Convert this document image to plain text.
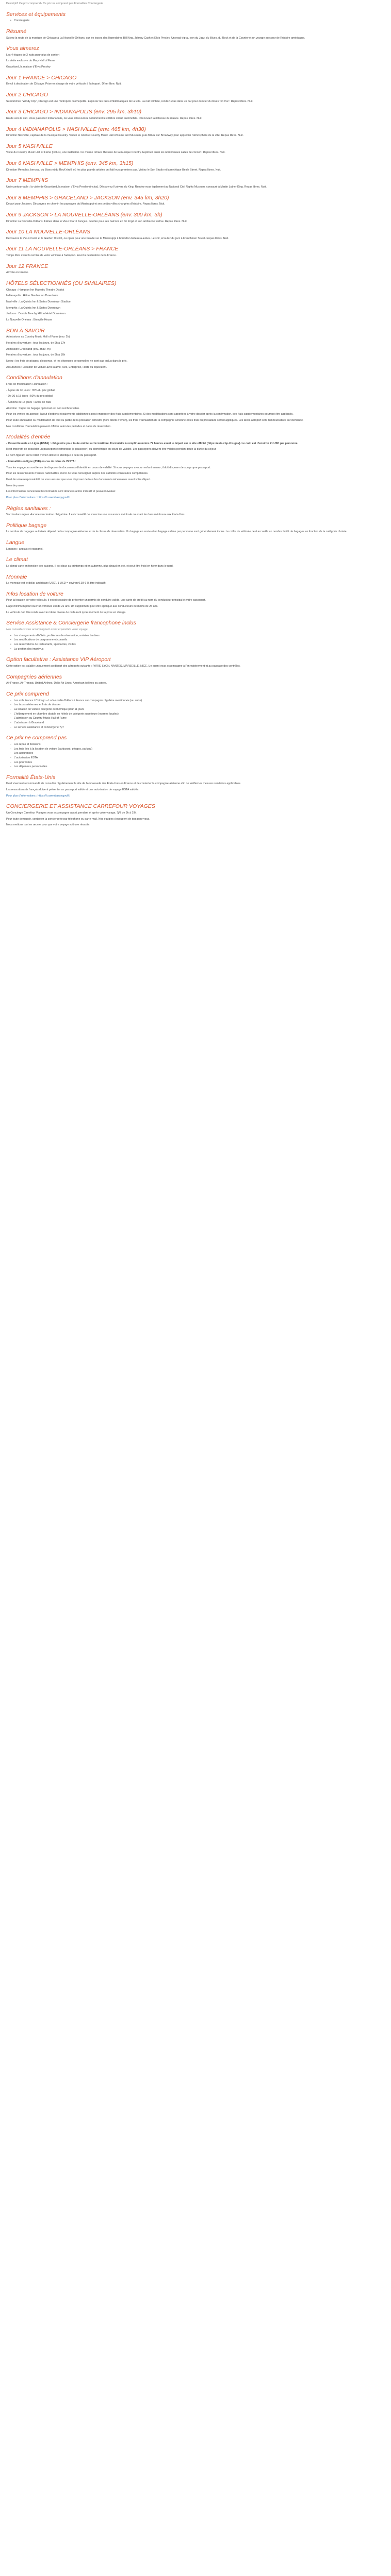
Descriptif: Ce prix comprend / Ce prix ne comprend pas Formalités Conciergerie
Services et équipements
• Conciergerie
Résumé

Suivez la route de la musique de Chicago à La Nouvelle-Orléans, sur les traces des légendaires Bill King, Johnny Cash et Elvis Presley. Un road trip au son du Jazz, du Blues, du Rock et de la Country et un voyage au cœur de l'histoire américaine.

Vous aimerez

Les 4 étapes de 2 nuits pour plus de confort

La visite exclusive du Mary Hall of Fame

Graceland, la maison d'Elvis Presley

Jour 1 FRANCE > CHICAGO

Envol à destination de Chicago. Prise en charge de votre véhicule à l'aéroport. Dîner libre. Nuit.

Jour 2 CHICAGO

Surnommée "Windy City", Chicago est une métropole cosmopolite. Explorez les rues emblématiques de la ville. La nuit tombée, rendez-vous dans un bar pour écouter du blues "en live". Repas libres. Nuit.

Jour 3 CHICAGO > INDIANAPOLIS (env. 295 km, 3h10)

Route vers le sud. Vous passerez Indianapolis, où vous découvrirez notamment le célèbre circuit automobile. Découvrez la richesse du musée. Repas libres. Nuit.

Jour 4 INDIANAPOLIS > NASHVILLE (env. 465 km, 4h30)

Direction Nashville, capitale de la musique Country. Visitez le célèbre Country Music Hall of Fame and Museum, puis flânez sur Broadway pour apprécier l'atmosphère de la ville. Repas libres. Nuit.

Jour 5 NASHVILLE

Visite du Country Music Hall of Fame (inclus), une institution. Ce musée retrace l'histoire de la musique Country. Explorez aussi les nombreuses salles de concert. Repas libres. Nuit.

Jour 6 NASHVILLE > MEMPHIS (env. 345 km, 3h15)

Direction Memphis, berceau du Blues et du Rock'n'roll, où les plus grands artistes ont fait leurs premiers pas. Visitez le Sun Studio et la mythique Beale Street. Repas libres. Nuit.

Jour 7 MEMPHIS

Un incontournable : la visite de Graceland, la maison d'Elvis Presley (inclus). Découvrez l'univers du King. Rendez-vous également au National Civil Rights Museum, consacré à Martin Luther King. Repas libres. Nuit.

Jour 8 MEMPHIS > GRACELAND > JACKSON (env. 345 km, 3h20)

Départ pour Jackson. Découvrez en chemin les paysages du Mississippi et ses petites villes chargées d'histoire. Repas libres. Nuit.

Jour 9 JACKSON > LA NOUVELLE-ORLÉANS (env. 300 km, 3h)

Direction La Nouvelle-Orléans. Flânez dans le Vieux Carré français, célèbre pour ses balcons en fer forgé et son ambiance festive. Repas libres. Nuit.

Jour 10 LA NOUVELLE-ORLÉANS

Découvrez le Vieux Carré et le Garden District, ou optez pour une balade sur le Mississippi à bord d'un bateau à aubes. Le soir, écoutez du jazz à Frenchmen Street. Repas libres. Nuit.

Jour 11 LA NOUVELLE-ORLÉANS > FRANCE

Temps libre avant la remise de votre véhicule à l'aéroport. Envol à destination de la France.

Jour 12 FRANCE

Arrivée en France.

HÔTELS SÉLECTIONNÉS (OU SIMILAIRES)

Chicago : Hampton Inn Majestic Theatre District

Indianapolis : Hilton Garden Inn Downtown

Nashville : La Quinta Inn & Suites Downtown Stadium

Memphis : La Quinta Inn & Suites Downtown

Jackson : Double Tree by Hilton Hotel Downtown

La Nouvelle-Orléans : Bienville House

BON À SAVOIR

Admissions au Country Music Hall of Fame (env. 2h)

Horaires d'ouverture : tous les jours, de 9h à 17h

Admission Graceland (env. 3h30-4h)

Horaires d'ouverture : tous les jours, de 9h à 16h

Notez : les frais de péages, d'essence, et les dépenses personnelles ne sont pas inclus dans le prix.

Assurances : Location de voiture avec Alamo, Avis, Enterprise, Hertz ou équivalent.

Conditions d'annulation

Frais de modification / annulation :

- À plus de 30 jours : 35% du prix global

- De 30 à 15 jours : 50% du prix global

- À moins de 15 jours : 100% de frais

Attention : l'ajout de bagage optionnel est non remboursable.

Pour les ventes en agence, l'ajout d'options et paiements additionnels peut engendrer des frais supplémentaires. Si des modifications sont apportées à votre dossier après la confirmation, des frais supplémentaires pourront être appliqués.

Pour toute annulation ou modification de tout ou partie de la prestation terrestre (hors billets d'avion), les frais d'annulation de la compagnie aérienne et les frais du prestataire seront appliqués. Les taxes aéroport sont remboursables sur demande.

Nos conditions d'annulation peuvent différer selon les périodes et dates de réservation.

Modalités d'entrée

- Ressortissants en Ligne (ESTA) : obligatoire pour toute entrée sur le territoire. Formulaire à remplir au moins 72 heures avant le départ sur le site officiel (https://esta.cbp.dhs.gov). Le coût est d'environ 21 USD par personne.

Il est impératif de posséder un passeport électronique (e-passeport) ou biométrique en cours de validité. Les passeports doivent être valides pendant toute la durée du séjour.

Le nom figurant sur le billet d'avion doit être identique à celui du passeport.

- Formalités en ligne (AVE) en cas de refus de l'ESTA :

Tous les voyageurs sont tenus de disposer de documents d'identité en cours de validité. Si vous voyagez avec un enfant mineur, il doit disposer de son propre passeport.

Pour les ressortissants d'autres nationalités, merci de vous renseigner auprès des autorités consulaires compétentes.

Il est de votre responsabilité de vous assurer que vous disposez de tous les documents nécessaires avant votre départ.

Nom de passe :

Les informations concernant les formalités sont données à titre indicatif et peuvent évoluer.

Pour plus d'informations : https://fr.usembassy.gov/fr/

Règles sanitaires :

Vaccinations à jour. Aucune vaccination obligatoire. Il est conseillé de souscrire une assurance médicale couvrant les frais médicaux aux États-Unis.

Politique bagage

Le nombre de bagages autorisés dépend de la compagnie aérienne et de la classe de réservation. Un bagage en soute et un bagage cabine par personne sont généralement inclus. Le coffre du véhicule peut accueillir un nombre limité de bagages en fonction de la catégorie choisie.

Langue

Langues : anglais et espagnol.

Le climat

Le climat varie en fonction des saisons. Il est doux au printemps et en automne, plus chaud en été, et peut être froid en hiver dans le nord.

Monnaie

La monnaie est le dollar américain (USD). 1 USD = environ 0,93 € (à titre indicatif).

Infos location de voiture

Pour la location de votre véhicule, il est nécessaire de présenter un permis de conduire valide, une carte de crédit au nom du conducteur principal et votre passeport.

L'âge minimum pour louer un véhicule est de 21 ans. Un supplément peut être appliqué aux conducteurs de moins de 25 ans.

Le véhicule doit être rendu avec le même niveau de carburant qu'au moment de la prise en charge.

Service Assistance & Conciergerie francophone inclus

Nos conseillers vous accompagnent avant et pendant votre voyage.

• Les changements d'hôtels, problèmes de réservation, arrivées tardives
• Les modifications de programme et conseils
• Les réservations de restaurants, spectacles, visites
• La gestion des imprévus
Option facultative : Assistance VIP Aéroport

Cette option est valable uniquement au départ des aéroports suivants : PARIS, LYON, NANTES, MARSEILLE, NICE. Un agent vous accompagne à l'enregistrement et au passage des contrôles.

Compagnies aériennes

Air France, Air Transat, United Airlines, Delta Air Lines, American Airlines ou autres.

Ce prix comprend
- Les vols France / Chicago – La Nouvelle-Orléans / France sur compagnie régulière mentionnée (ou autre)
- Les taxes aériennes et frais de dossier
- La location de voiture catégorie économique pour 11 jours
- L'hébergement en chambre double en hôtels de catégorie supérieure (normes locales)
- L'admission au Country Music Hall of Fame
- L'admission à Graceland
- Le service assistance et conciergerie 7j/7
Ce prix ne comprend pas
- Les repas et boissons
- Les frais liés à la location de voiture (carburant, péages, parking)
- Les assurances
- L'autorisation ESTA
- Les pourboires
- Les dépenses personnelles
Formalité États-Unis

Il est vivement recommandé de consulter régulièrement le site de l'ambassade des États-Unis en France et de contacter la compagnie aérienne afin de vérifier les mesures sanitaires applicables.

Les ressortissants français doivent présenter un passeport valide et une autorisation de voyage ESTA validée.

Pour plus d'informations : https://fr.usembassy.gov/fr/

CONCIERGERIE ET ASSISTANCE CARREFOUR VOYAGES

Un Concierge Carrefour Voyages vous accompagne avant, pendant et après votre voyage, 7j/7 de 9h à 19h.

Pour toute demande, contactez la conciergerie par téléphone ou par e-mail. Nos équipes s'occupent de tout pour vous.

Nous mettons tout en œuvre pour que votre voyage soit une réussite.
